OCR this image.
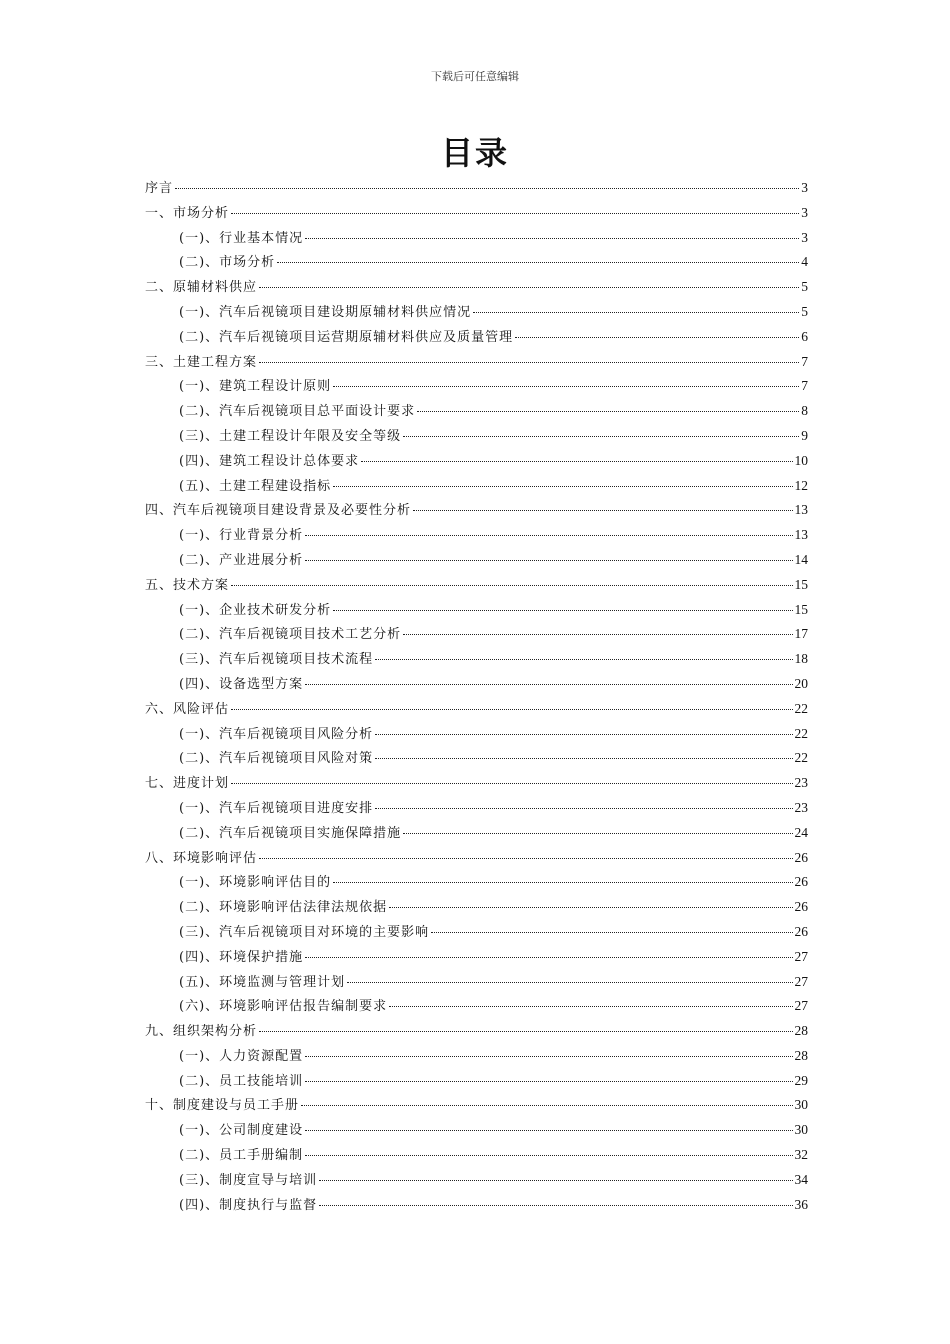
下载后可任意编辑
目录
序言	3
一、市场分析	3
(一)、行业基本情况	3
(二)、市场分析	4
二、原辅材料供应	5
(一)、汽车后视镜项目建设期原辅材料供应情况	5
(二)、汽车后视镜项目运营期原辅材料供应及质量管理	6
三、土建工程方案	7
(一)、建筑工程设计原则	7
(二)、汽车后视镜项目总平面设计要求	8
(三)、土建工程设计年限及安全等级	9
(四)、建筑工程设计总体要求	10
(五)、土建工程建设指标	12
四、汽车后视镜项目建设背景及必要性分析	13
(一)、行业背景分析	13
(二)、产业进展分析	14
五、技术方案	15
(一)、企业技术研发分析	15
(二)、汽车后视镜项目技术工艺分析	17
(三)、汽车后视镜项目技术流程	18
(四)、设备选型方案	20
六、风险评估	22
(一)、汽车后视镜项目风险分析	22
(二)、汽车后视镜项目风险对策	22
七、进度计划	23
(一)、汽车后视镜项目进度安排	23
(二)、汽车后视镜项目实施保障措施	24
八、环境影响评估	26
(一)、环境影响评估目的	26
(二)、环境影响评估法律法规依据	26
(三)、汽车后视镜项目对环境的主要影响	26
(四)、环境保护措施	27
(五)、环境监测与管理计划	27
(六)、环境影响评估报告编制要求	27
九、组织架构分析	28
(一)、人力资源配置	28
(二)、员工技能培训	29
十、制度建设与员工手册	30
(一)、公司制度建设	30
(二)、员工手册编制	32
(三)、制度宣导与培训	34
(四)、制度执行与监督	36
